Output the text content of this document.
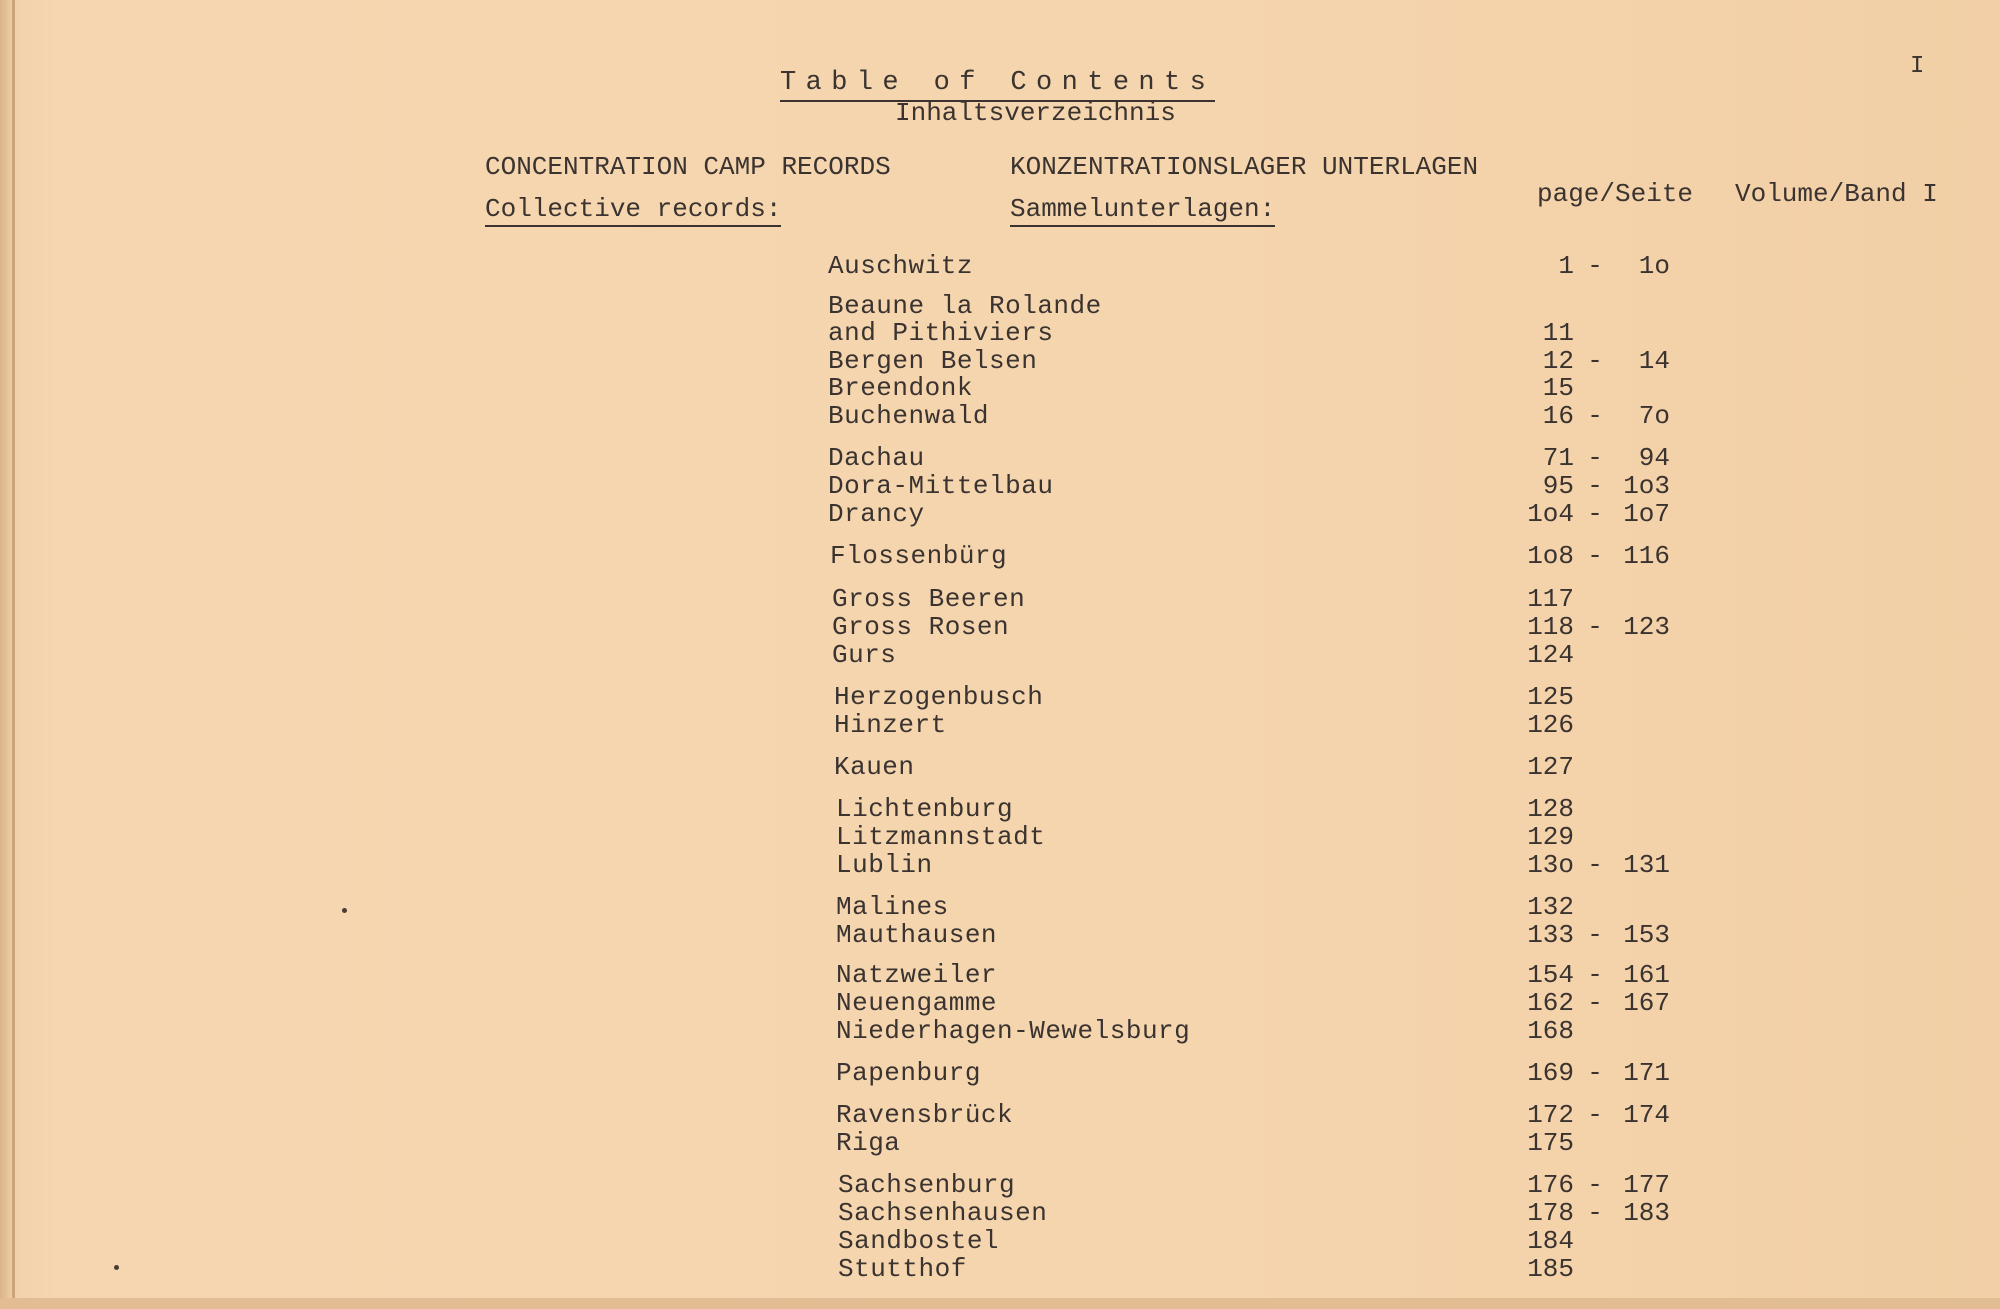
Table of Contents
Inhaltsverzeichnis
I
CONCENTRATION CAMP RECORDS	KONZENTRATIONSLAGER UNTERLAGEN
Collective records:	Sammelunterlagen:	page/Seite Volume/Band I
Auschwitz	1 -	1o
Beaune la Rolande
and Pithiviers	11
Bergen Belsen	12 -	14
Breendonk	15
Buchenwald	16 -	7o
Dachau	71 -	94
Dora-Mittelbau	95 - 1o3
Drancy	1o4 - 1o7
Flossenbürg	1o8 - 116
Gross Beeren	117
Gross Rosen	118 - 123
Gurs	124
Herzogenbusch	125
Hinzert	126
Kauen	127
Lichtenburg	128
Litzmannstadt	129
Lublin	13o - 131
Malines	132
Mauthausen	133 - 153
Natzweiler	154 - 161
Neuengamme	162 - 167
Niederhagen-Wewelsburg	168
Papenburg	169 - 171
Ravensbrück	172 - 174
Riga	175
Sachsenburg	176 - 177
Sachsenhausen	178 - 183
Sandbostel	184
Stutthof	185
